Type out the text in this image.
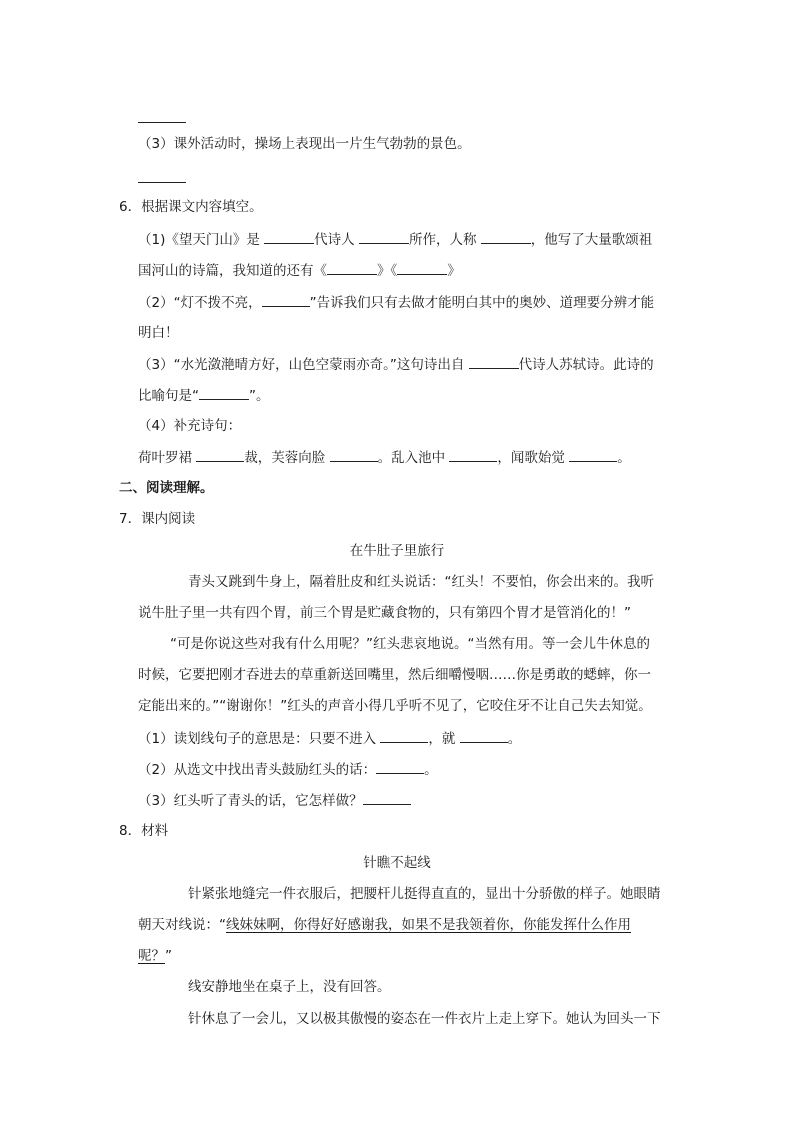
（3）课外活动时，操场上表现出一片生气勃勃的景色。
6．根据课文内容填空。
（1)《望天门山》是	代诗人	所作，人称	，他写了大量歌颂祖
国河山的诗篇，我知道的还有《	》《	》
（2）“灯不拨不亮，	”告诉我们只有去做才能明白其中的奥妙、道理要分辨才能
明白！
（3）“水光潋滟晴方好，山色空蒙雨亦奇。”这句诗出自	代诗人苏轼诗。此诗的
比喻句是“	”。
（4）补充诗句：
荷叶罗裙	裁，芙蓉向脸	。乱入池中	，闻歌始觉	。
二、阅读理解。
7．课内阅读
在牛肚子里旅行
青头又跳到牛身上，隔着肚皮和红头说话：“红头！不要怕，你会出来的。我听
说牛肚子里一共有四个胃，前三个胃是贮藏食物的，只有第四个胃才是管消化的！”
“可是你说这些对我有什么用呢？”红头悲哀地说。“当然有用。等一会儿牛休息的
时候，它要把刚才吞进去的草重新送回嘴里，然后细嚼慢咽……你是勇敢的蟋蟀，你一
定能出来的。”“谢谢你！”红头的声音小得几乎听不见了，它咬住牙不让自己失去知觉。
（1）读划线句子的意思是：只要不进入	，就	。
（2）从选文中找出青头鼓励红头的话：	。
（3）红头听了青头的话，它怎样做？
8．材料
针瞧不起线
针紧张地缝完一件衣服后，把腰杆儿挺得直直的，显出十分骄傲的样子。她眼睛
朝天对线说：“线妹妹啊，你得好好感谢我，如果不是我领着你，你能发挥什么作用
呢？”
线安静地坐在桌子上，没有回答。
针休息了一会儿，又以极其傲慢的姿态在一件衣片上走上穿下。她认为回头一下
